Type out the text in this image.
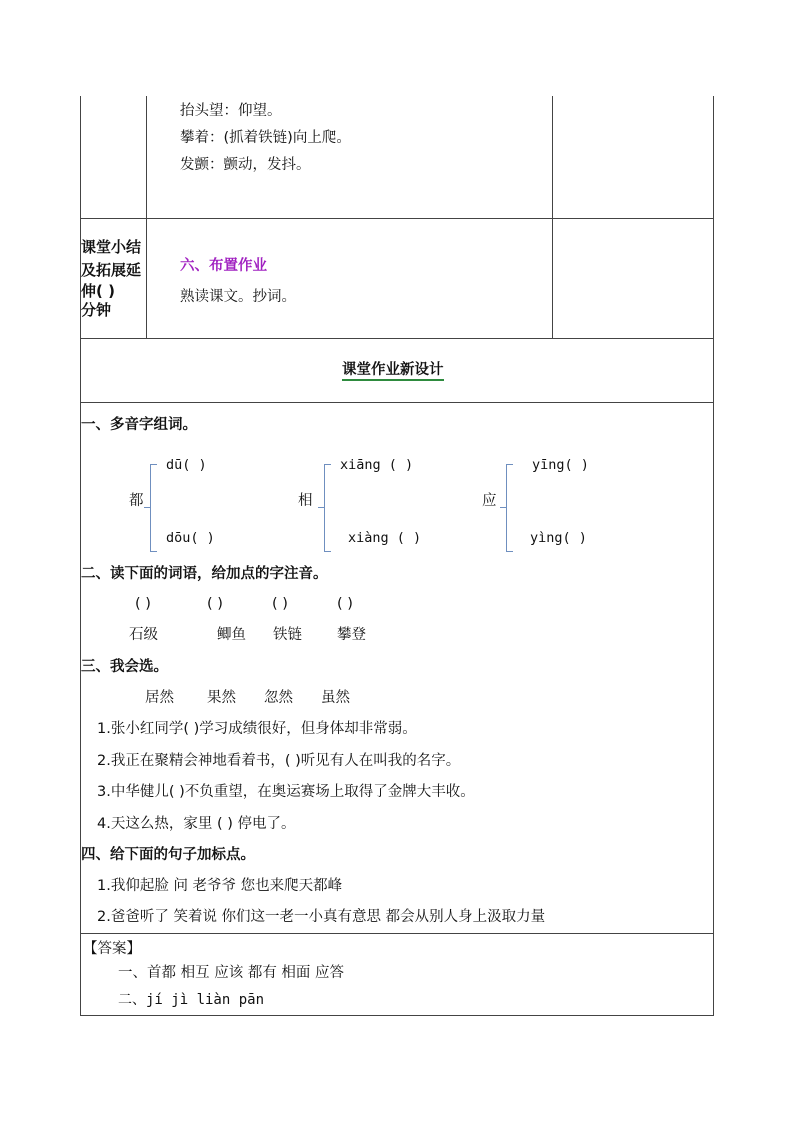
抬头望：仰望。
攀着：(抓着铁链)向上爬。
发颤：颤动，发抖。
课堂小结
及拓展延
伸( )
分钟
六、布置作业
熟读课文。抄词。
课堂作业新设计
一、多音字组词。
都
dū( )
dōu( )
相
xiāng ( )
xiàng ( )
应
yīng( )
yìng( )
二、读下面的词语，给加点的字注音。
( )	( )	( )	( )
石级	鲫鱼 铁链 攀登
三、我会选。
居然 果然 忽然 虽然
1.张小红同学( )学习成绩很好，但身体却非常弱。
2.我正在聚精会神地看着书，( )听见有人在叫我的名字。
3.中华健儿( )不负重望，在奥运赛场上取得了金牌大丰收。
4.天这么热，家里 ( ) 停电了。
四、给下面的句子加标点。
1.我仰起脸 问 老爷爷 您也来爬天都峰
2.爸爸听了 笑着说 你们这一老一小真有意思 都会从别人身上汲取力量
【答案】
一、首都 相互 应该 都有 相面 应答
二、jí jì liàn pān
